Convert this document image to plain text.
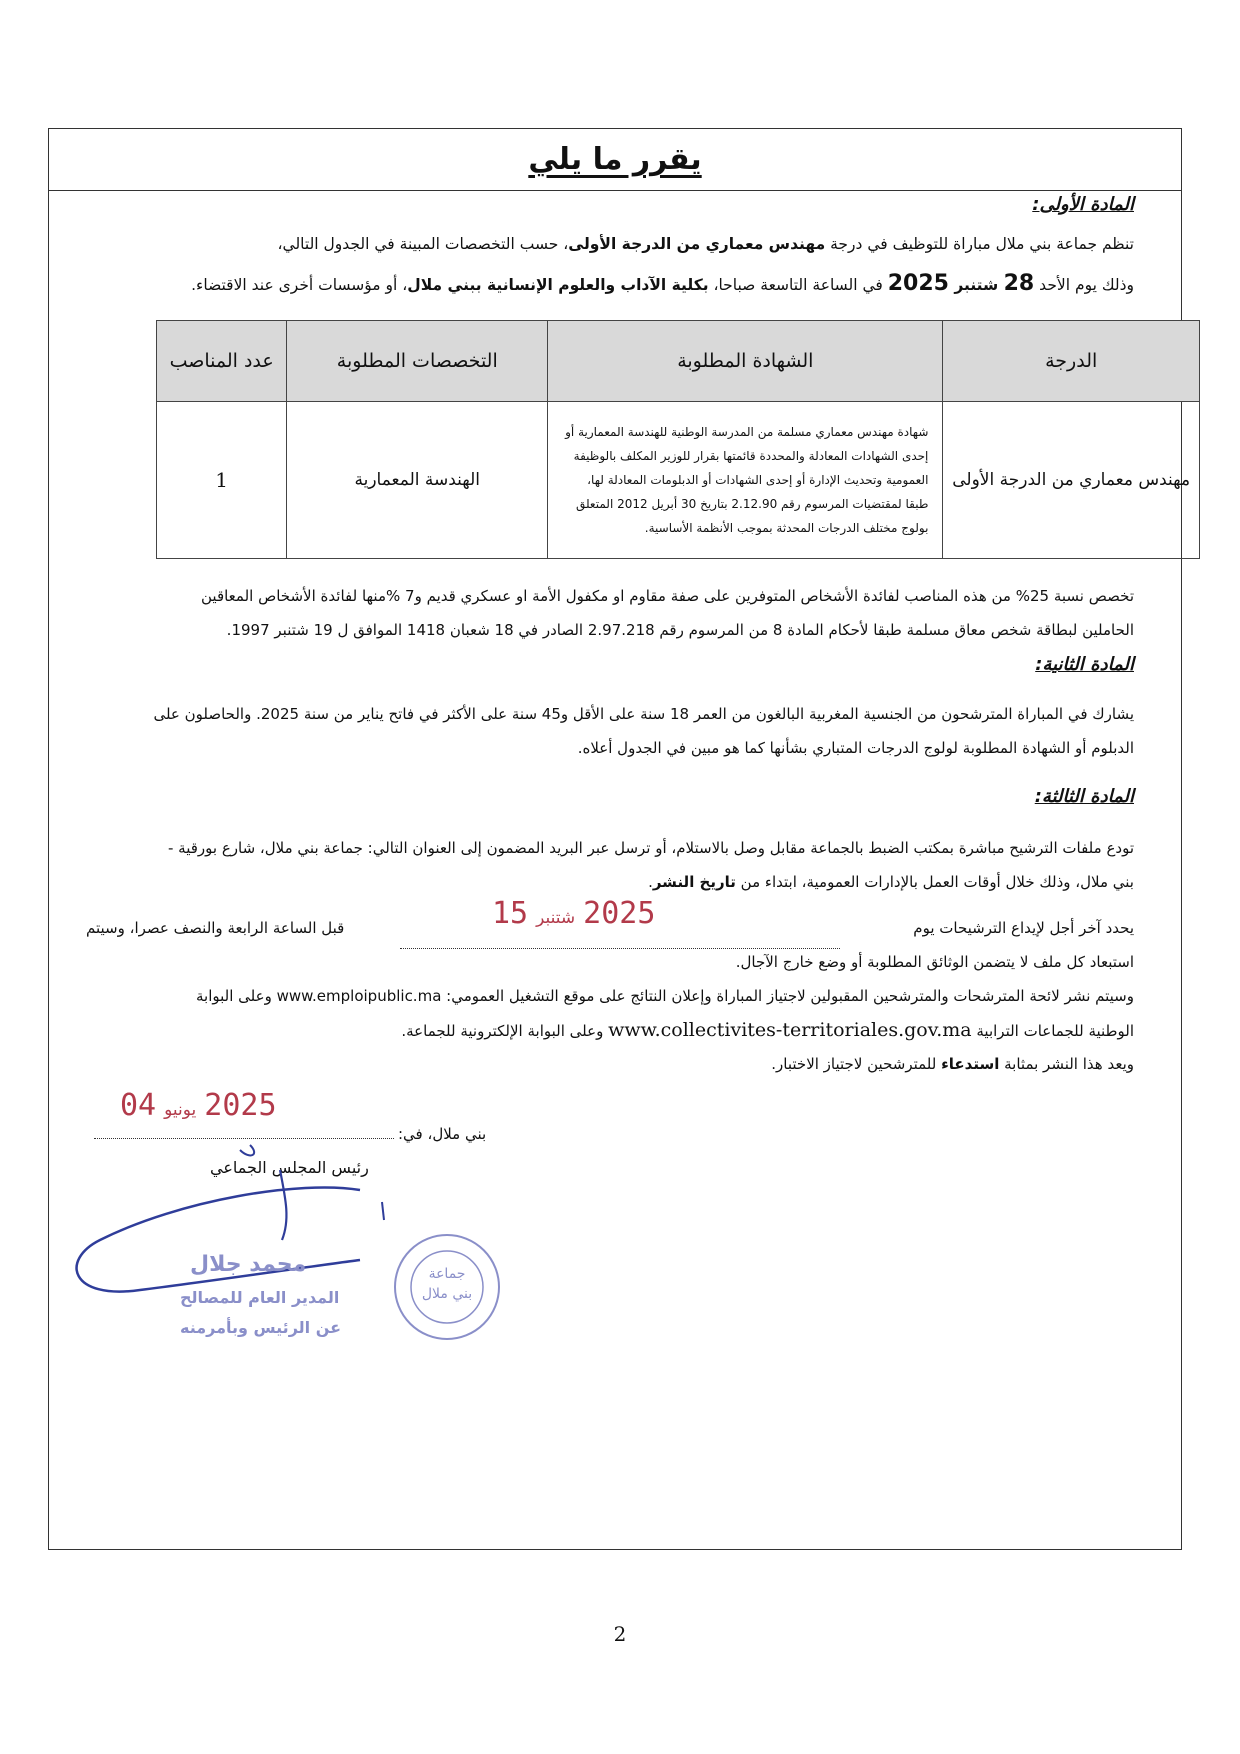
يقرر ما يلي
المادة الأولى:
تنظم جماعة بني ملال مباراة للتوظيف في درجة مهندس معماري من الدرجة الأولى، حسب التخصصات المبينة في الجدول التالي،
وذلك يوم الأحد 28 شتنبر 2025 في الساعة التاسعة صباحا، بكلية الآداب والعلوم الإنسانية ببني ملال، أو مؤسسات أخرى عند الاقتضاء.
الدرجة	الشهادة المطلوبة	التخصصات المطلوبة	عدد المناصب
مهندس معماري من الدرجة الأولى	شهادة مهندس معماري مسلمة من المدرسة الوطنية للهندسة المعمارية أو
إحدى الشهادات المعادلة والمحددة قائمتها بقرار للوزير المكلف بالوظيفة
العمومية وتحديث الإدارة أو إحدى الشهادات أو الدبلومات المعادلة لها،
طبقا لمقتضيات المرسوم رقم 2.12.90 بتاريخ 30 أبريل 2012 المتعلق
بولوج مختلف الدرجات المحدثة بموجب الأنظمة الأساسية.	الهندسة المعمارية	1
تخصص نسبة 25% من هذه المناصب لفائدة الأشخاص المتوفرين على صفة مقاوم او مكفول الأمة او عسكري قديم و7 %منها لفائدة الأشخاص المعاقين
الحاملين لبطاقة شخص معاق مسلمة طبقا لأحكام المادة 8 من المرسوم رقم 2.97.218 الصادر في 18 شعبان 1418 الموافق ل 19 شتنبر 1997.
المادة الثانية:
يشارك في المباراة المترشحون من الجنسية المغربية البالغون من العمر 18 سنة على الأقل و45 سنة على الأكثر في فاتح يناير من سنة 2025. والحاصلون على
الدبلوم أو الشهادة المطلوبة لولوج الدرجات المتباري بشأنها كما هو مبين في الجدول أعلاه.
المادة الثالثة:
تودع ملفات الترشيح مباشرة بمكتب الضبط بالجماعة مقابل وصل بالاستلام، أو ترسل عبر البريد المضمون إلى العنوان التالي: جماعة بني ملال، شارع بورقية -
بني ملال، وذلك خلال أوقات العمل بالإدارات العمومية، ابتداء من تاريخ النشر.
يحدد آخر أجل لإيداع الترشيحات يوم
2025شتنبر15
قبل الساعة الرابعة والنصف عصرا، وسيتم
استبعاد كل ملف لا يتضمن الوثائق المطلوبة أو وضع خارج الآجال.
وسيتم نشر لائحة المترشحات والمترشحين المقبولين لاجتياز المباراة وإعلان النتائج على موقع التشغيل العمومي: www.emploipublic.ma وعلى البوابة
الوطنية للجماعات الترابية www.collectivites-territoriales.gov.ma وعلى البوابة الإلكترونية للجماعة.
ويعد هذا النشر بمثابة استدعاء للمترشحين لاجتياز الاختبار.
2025يونيو04
بني ملال، في:
رئيس المجلس الجماعي
محمد جلال
المدير العام للمصالح
عن الرئيس وبأمرمنه
جماعة
بني ملال
2
